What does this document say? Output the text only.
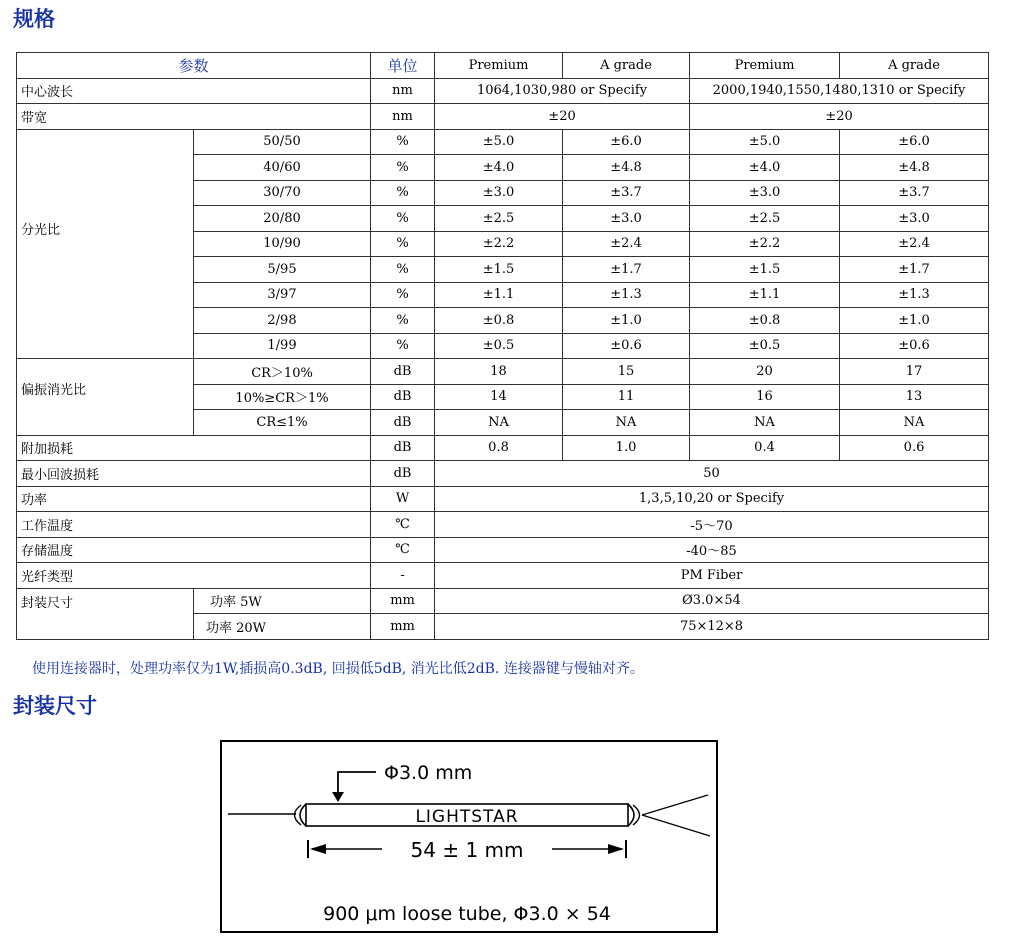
规格
参数		单位	Premium	A grade	Premium	A grade
中心波长		nm	1064,1030,980 or Specify		2000,1940,1550,1480,1310 or Specify	
带宽		nm	±20		±20	
分光比	50/50	%	±5.0	±6.0	±5.0	±6.0
	40/60	%	±4.0	±4.8	±4.0	±4.8
	30/70	%	±3.0	±3.7	±3.0	±3.7
	20/80	%	±2.5	±3.0	±2.5	±3.0
	10/90	%	±2.2	±2.4	±2.2	±2.4
	5/95	%	±1.5	±1.7	±1.5	±1.7
	3/97	%	±1.1	±1.3	±1.1	±1.3
	2/98	%	±0.8	±1.0	±0.8	±1.0
	1/99	%	±0.5	±0.6	±0.5	±0.6
偏振消光比	CR＞10%	dB	18	15	20	17
	10%≥CR＞1%	dB	14	11	16	13
	CR≤1%	dB	NA	NA	NA	NA
附加损耗		dB	0.8	1.0	0.4	0.6
最小回波损耗		dB	50			
功率		W	1,3,5,10,20 or Specify			
工作温度		℃	-5～70			
存储温度		℃	-40～85			
光纤类型		-	PM Fiber			
封装尺寸	功率 5W	mm	Ø3.0×54			
	功率 20W	mm	75×12×8			

使用连接器时，处理功率仅为1W,插损高0.3dB, 回损低5dB, 消光比低2dB. 连接器键与慢轴对齐。

封装尺寸
Φ3.0 mm
LIGHTSTAR
54 ± 1 mm
900 μm loose tube, Φ3.0 × 54
